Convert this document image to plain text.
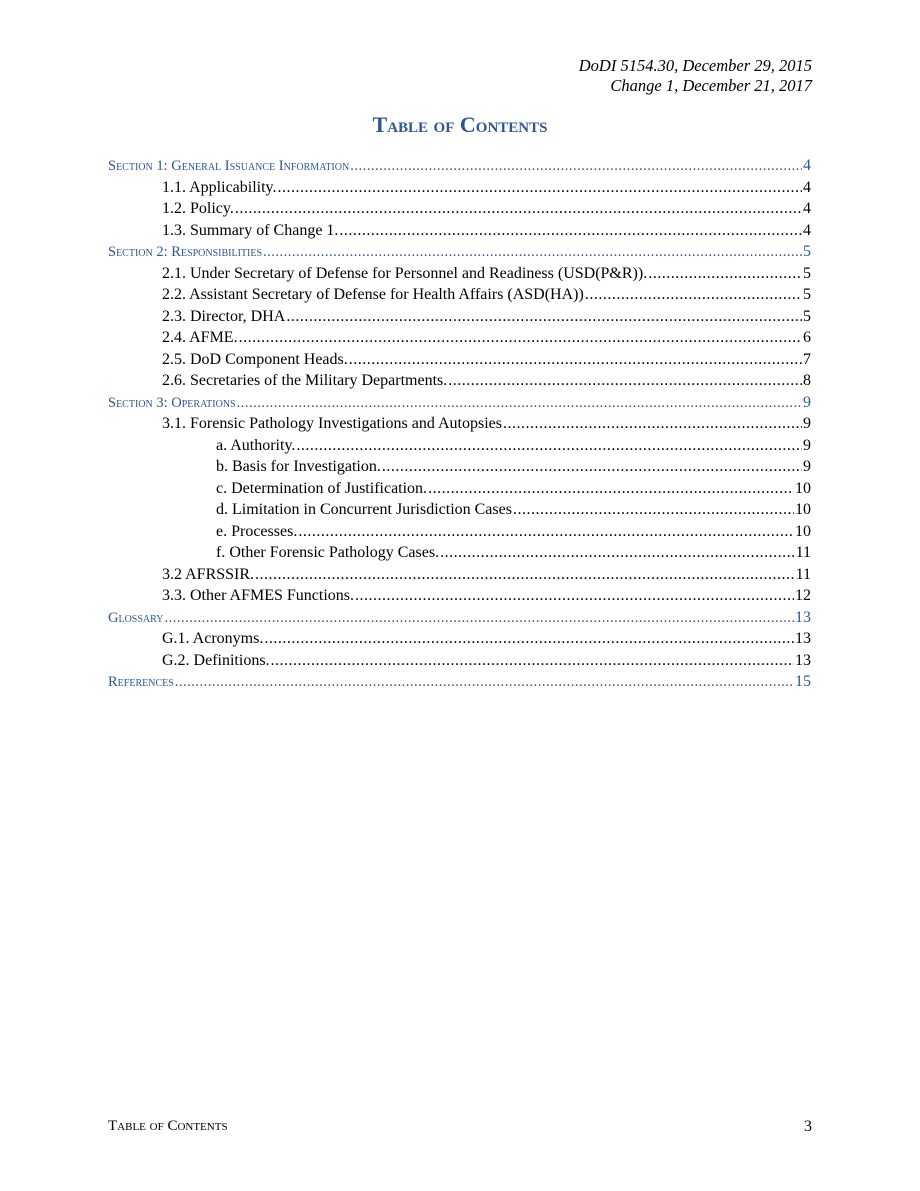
DoDI 5154.30, December 29, 2015
Change 1, December 21, 2017
Table of Contents
Section 1: General Issuance Information .....	4
1.1. Applicability. .....	4
1.2. Policy. .....	4
1.3. Summary of Change 1. .....	4
Section 2: Responsibilities .....	5
2.1. Under Secretary of Defense for Personnel and Readiness (USD(P&R)). .....	5
2.2. Assistant Secretary of Defense for Health Affairs (ASD(HA)) .....	5
2.3. Director, DHA .....	5
2.4. AFME. .....	6
2.5. DoD Component Heads. .....	7
2.6. Secretaries of the Military Departments. .....	8
Section 3: Operations .....	9
3.1. Forensic Pathology Investigations and Autopsies .....	9
a. Authority. .....	9
b. Basis for Investigation. .....	9
c. Determination of Justification. .....	10
d. Limitation in Concurrent Jurisdiction Cases .....	10
e. Processes. .....	10
f. Other Forensic Pathology Cases. .....	11
3.2 AFRSSIR. .....	11
3.3. Other AFMES Functions. .....	12
Glossary .....	13
G.1. Acronyms. .....	13
G.2. Definitions. .....	13
References .....	15
Table of Contents	3
